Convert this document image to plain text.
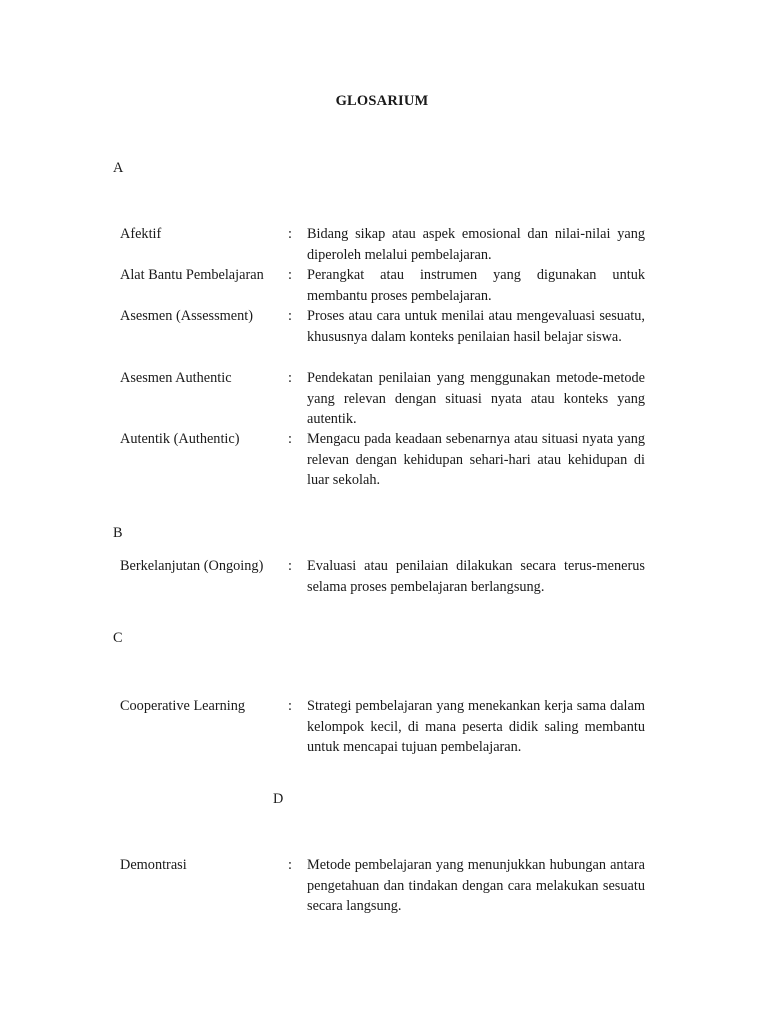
GLOSARIUM
A
Afektif	: Bidang sikap atau aspek emosional dan nilai-nilai yang diperoleh melalui pembelajaran.
Alat Bantu Pembelajaran : Perangkat atau instrumen yang digunakan untuk membantu proses pembelajaran.
Asesmen (Assessment) : Proses atau cara untuk menilai atau mengevaluasi sesuatu, khususnya dalam konteks penilaian hasil belajar siswa.
Asesmen Authentic	: Pendekatan penilaian yang menggunakan metode-metode yang relevan dengan situasi nyata atau konteks yang autentik.
Autentik (Authentic)	: Mengacu pada keadaan sebenarnya atau situasi nyata yang relevan dengan kehidupan sehari-hari atau kehidupan di luar sekolah.
B
Berkelanjutan (Ongoing) : Evaluasi atau penilaian dilakukan secara terus-menerus selama proses pembelajaran berlangsung.
C
Cooperative Learning	: Strategi pembelajaran yang menekankan kerja sama dalam kelompok kecil, di mana peserta didik saling membantu untuk mencapai tujuan pembelajaran.
D
Demontrasi	: Metode pembelajaran yang menunjukkan hubungan antara pengetahuan dan tindakan dengan cara melakukan sesuatu secara langsung.
